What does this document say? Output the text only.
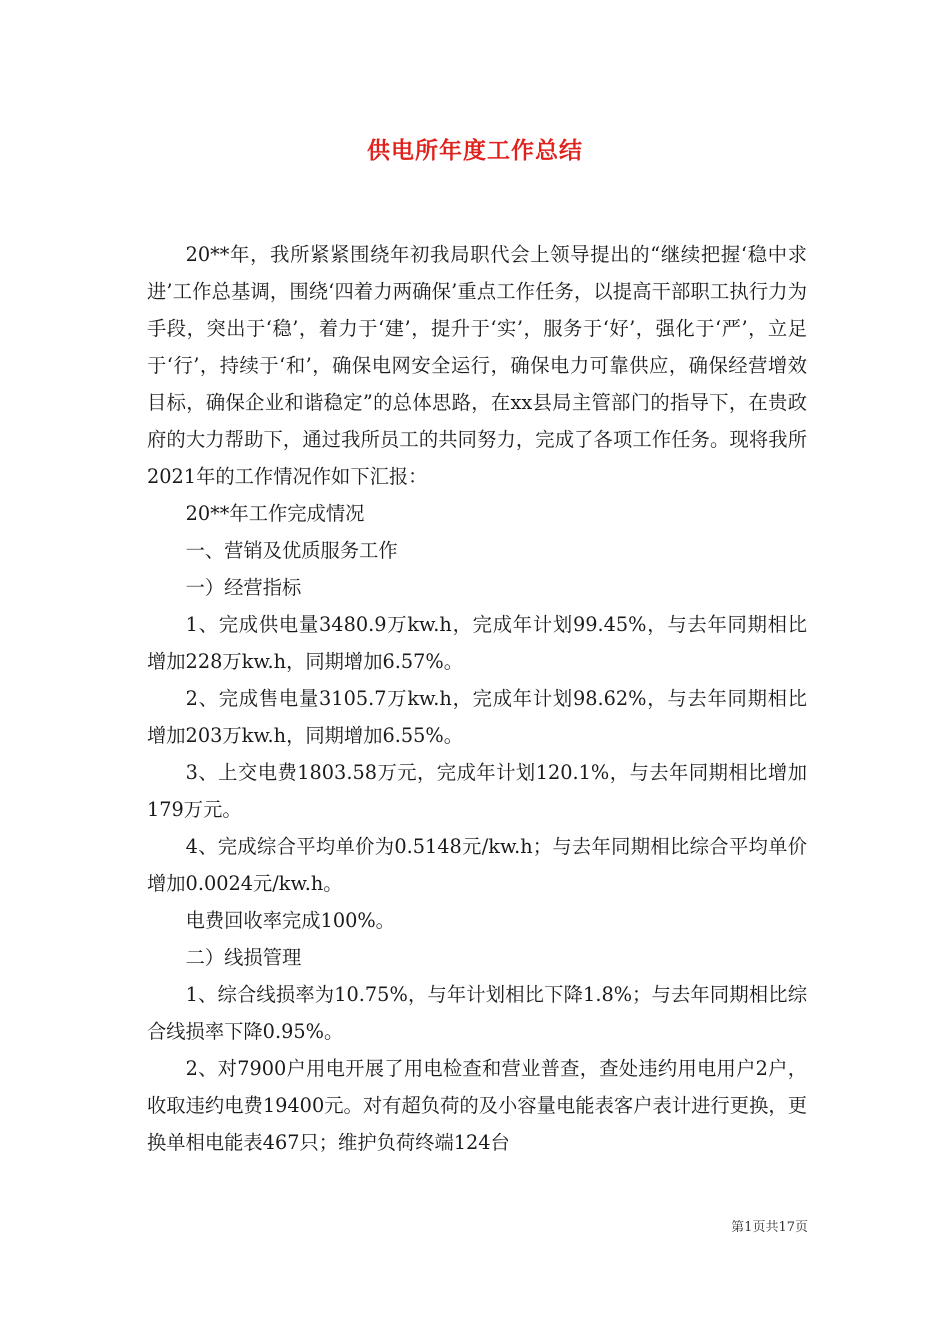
供电所年度工作总结

20**年，我所紧紧围绕年初我局职代会上领导提出的“继续把握‘稳中求进’工作总基调，围绕‘四着力两确保’重点工作任务，以提高干部职工执行力为手段，突出于‘稳’，着力于‘建’，提升于‘实’，服务于‘好’，强化于‘严’，立足于‘行’，持续于‘和’，确保电网安全运行，确保电力可靠供应，确保经营增效目标，确保企业和谐稳定”的总体思路，在xx县局主管部门的指导下，在贵政府的大力帮助下，通过我所员工的共同努力，完成了各项工作任务。现将我所2021年的工作情况作如下汇报：

20**年工作完成情况

一、营销及优质服务工作

一）经营指标

1、完成供电量3480.9万kw.h，完成年计划99.45%，与去年同期相比增加228万kw.h，同期增加6.57%。

2、完成售电量3105.7万kw.h，完成年计划98.62%，与去年同期相比增加203万kw.h，同期增加6.55%。

3、上交电费1803.58万元，完成年计划120.1%，与去年同期相比增加179万元。

4、完成综合平均单价为0.5148元/kw.h；与去年同期相比综合平均单价增加0.0024元/kw.h。

电费回收率完成100%。

二）线损管理

1、综合线损率为10.75%，与年计划相比下降1.8%；与去年同期相比综合线损率下降0.95%。

2、对7900户用电开展了用电检查和营业普查，查处违约用电用户2户，收取违约电费19400元。对有超负荷的及小容量电能表客户表计进行更换，更换单相电能表467只；维护负荷终端124台

第1页共17页
